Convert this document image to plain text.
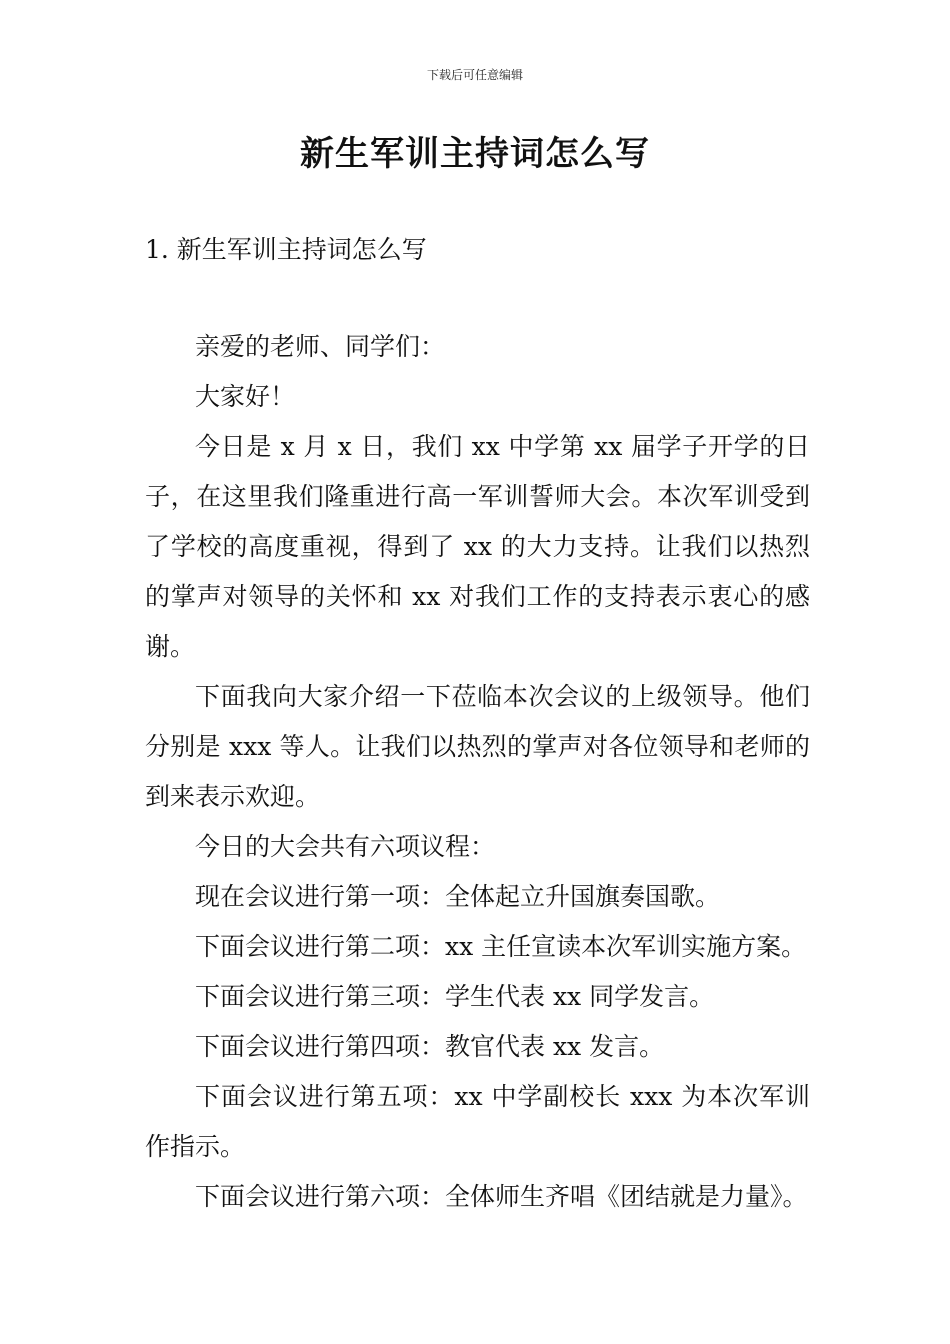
下载后可任意编辑
新生军训主持词怎么写
1. 新生军训主持词怎么写

亲爱的老师、同学们：

大家好！

今日是 x 月 x 日，我们 xx 中学第 xx 届学子开学的日子，在这里我们隆重进行高一军训誓师大会。本次军训受到了学校的高度重视，得到了 xx 的大力支持。让我们以热烈的掌声对领导的关怀和 xx 对我们工作的支持表示衷心的感谢。

下面我向大家介绍一下莅临本次会议的上级领导。他们分别是 xxx 等人。让我们以热烈的掌声对各位领导和老师的到来表示欢迎。

今日的大会共有六项议程：

现在会议进行第一项：全体起立升国旗奏国歌。

下面会议进行第二项：xx 主任宣读本次军训实施方案。

下面会议进行第三项：学生代表 xx 同学发言。

下面会议进行第四项：教官代表 xx 发言。

下面会议进行第五项：xx 中学副校长 xxx 为本次军训作指示。

下面会议进行第六项：全体师生齐唱《团结就是力量》。
